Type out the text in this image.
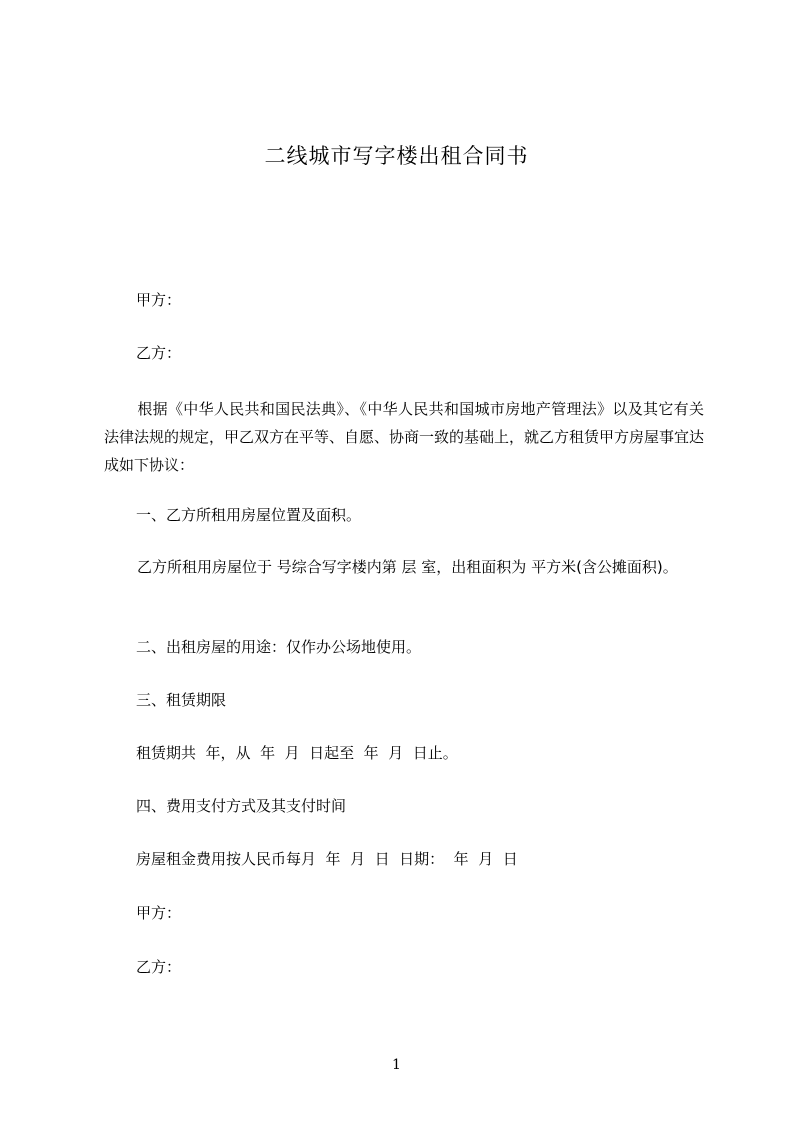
二线城市写字楼出租合同书
甲方：
乙方：
根据《中华人民共和国民法典》、《中华人民共和国城市房地产管理法》以及其它有关法律法规的规定，甲乙双方在平等、自愿、协商一致的基础上，就乙方租赁甲方房屋事宜达成如下协议：
一、乙方所租用房屋位置及面积。
乙方所租用房屋位于 号综合写字楼内第 层 室，出租面积为 平方米(含公摊面积)。
二、出租房屋的用途：仅作办公场地使用。
三、租赁期限
租赁期共  年，从  年  月  日起至  年  月  日止。
四、费用支付方式及其支付时间
房屋租金费用按人民币每月  年  月  日  日期：  年  月  日
甲方：
乙方：
1
